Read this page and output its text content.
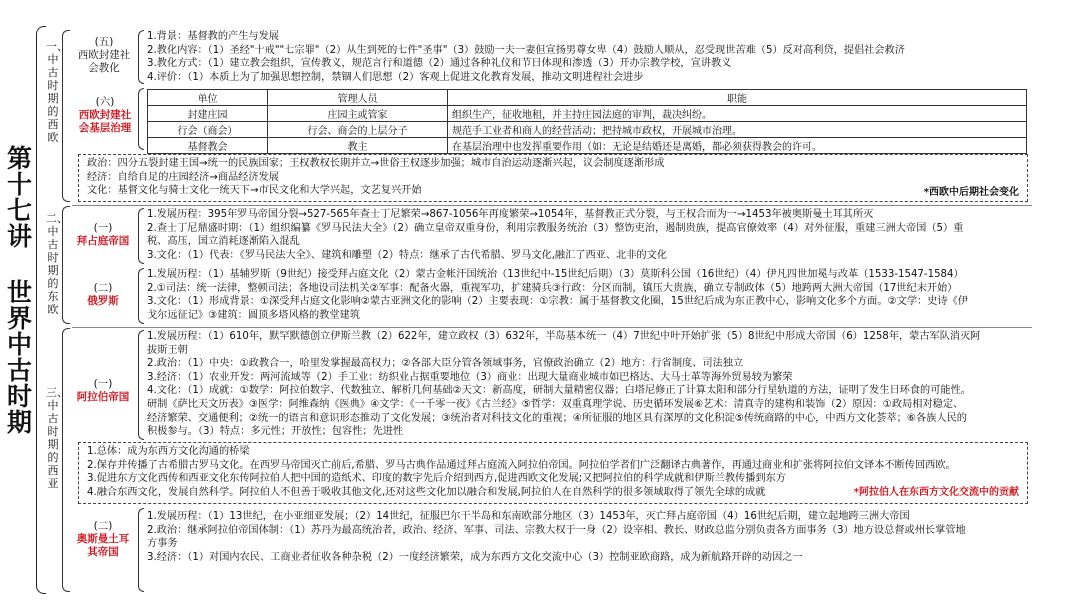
第十七讲 世界中古时期
一、中古时期的西欧
二、中古时期的东欧
三、中古时期的西亚
(五)
西欧封建社会教化
1.背景：基督教的产生与发展
2.教化内容：（1）圣经"十戒""七宗罪"（2）从生到死的七件"圣事"（3）鼓励一夫一妻但宣扬男尊女卑（4）鼓励人顺从，忍受现世苦难（5）反对高利贷，提倡社会救济
3.教化方式：（1）建立教会组织，宣传教义，规范言行和道德（2）通过各种礼仪和节日体现和渗透（3）开办宗教学校，宣讲教义
4.评价：（1）本质上为了加强思想控制，禁锢人们思想（2）客观上促进文化教育发展，推动文明进程社会进步
(六)
西欧封建社会基层治理
单位	管理人员	职能
封建庄园	庄园主或管家	组织生产，征收地租，并主持庄园法庭的审判，裁决纠纷。
行会（商会）	行会、商会的上层分子	规范手工业者和商人的经营活动；把持城市政权，开展城市治理。
基督教会	教主	在基层治理中也发挥重要作用（如：无论是结婚还是离婚，都必须获得教会的许可。
政治：四分五裂封建王国→统一的民族国家；王权教权长期并立→世俗王权逐步加强；城市自治运动逐渐兴起，议会制度逐渐形成
经济：自给自足的庄园经济→商品经济发展
文化：基督文化与骑士文化一统天下→市民文化和大学兴起，文艺复兴开始	*西欧中后期社会变化
(一)
拜占庭帝国
1.发展历程：395年罗马帝国分裂→527-565年查士丁尼繁荣→867-1056年再度繁荣→1054年，基督教正式分裂，与王权合而为一→1453年被奥斯曼土耳其所灭
2.查士丁尼鼎盛时期：（1）组织编纂《罗马民法大全》（2）确立皇帝双重身份，利用宗教服务统治（3）整饬吏治，遏制贵族，提高官僚效率（4）对外征服，重建三洲大帝国（5）重
税、高压，国立消耗逐渐陷入混乱
3.文化：（1）代表：《罗马民法大全》、建筑和雕塑（2）特点：继承了古代希腊、罗马文化,融汇了西亚、北非的文化
(二)
俄罗斯
1.发展历程：（1）基辅罗斯（9世纪）接受拜占庭文化（2）蒙古金帐汗国统治（13世纪中-15世纪后期）（3）莫斯科公国（16世纪）（4）伊凡四世加冕与改革（1533-1547-1584）
2.①司法：统一法律，整顿司法；各地设司法机关②军事：配备火器，重视军功，扩建骑兵③行政：分区而制，镇压大贵族，确立专制政体（5）地跨两大洲大帝国（17世纪末开始）
3.文化：（1）形成背景：①深受拜占庭文化影响②蒙古亚洲文化的影响（2）主要表现：①宗教：属于基督教文化圈，15世纪后成为东正教中心，影响文化多个方面。②文学：史诗《伊
戈尔远征记》③建筑：圆顶多塔风格的教堂建筑
(一)
阿拉伯帝国
1.发展历程：（1）610年，默罕默德创立伊斯兰教（2）622年，建立政权（3）632年，半岛基本统一（4）7世纪中叶开始扩张（5）8世纪中形成大帝国（6）1258年，蒙古军队消灭阿
拔斯王朝
2.政治：（1）中央：①政教合一，哈里发掌握最高权力；②各部大臣分管各领域事务，官僚政治确立（2）地方：行省制度、司法独立
3.经济：（1）农业开发：两河流域等（2）手工业：纺织业占据重要地位（3）商业：出现大量商业城市如巴格达、大马士革等海外贸易较为繁荣
4.文化：（1）成就：①数学：阿拉伯数字、代数独立、解析几何基础②天文：新高度，研制大量精密仪器；白塔尼修正了计算太阳和部分行星轨道的方法，证明了发生日环食的可能性。
研制《萨比天文历表》③医学：阿维森纳《医典》④文学：《一千零一夜》《古兰经》⑤哲学：双重真理学说、历史循环发展⑥艺术：清真寺的建构和装饰（2）原因：①政局相对稳定、
经济繁荣、交通便利；②统一的语言和意识形态推动了文化发展；③统治者对科技文化的重视；④所征服的地区具有深厚的文化积淀⑤传统商路的中心，中西方文化荟萃；⑥各族人民的
积极参与。（3）特点：多元性；开放性；包容性；先进性
1.总体：成为东西方文化沟通的桥梁
2.保存并传播了古希腊古罗马文化。在西罗马帝国灭亡前后,希腊、罗马古典作品通过拜占庭流入阿拉伯帝国。阿拉伯学者们广泛翻译古典著作，再通过商业和扩张将阿拉伯文译本不断传回西欧。
3.促进东方文化西传和西亚文化东传阿拉伯人把中国的造纸术、印度的数字先后介绍到西方,促进西欧文化发展;又把阿拉伯的科学成就和伊斯兰教传播到东方
4.融合东西文化，发展自然科学。阿拉伯人不但善于吸收其他文化,还对这些文化加以融合和发展,阿拉伯人在自然科学的很多领域取得了领先全球的成就	*阿拉伯人在东西方文化交流中的贡献
(二)
奥斯曼土耳其帝国
1.发展历程：（1）13世纪，在小亚细亚发展；（2）14世纪，征服巴尔干半岛和东南欧部分地区（3）1453年，灭亡拜占庭帝国（4）16世纪后期，建立起地跨三洲大帝国
2.政治：继承阿拉伯帝国体制：（1）苏丹为最高统治者，政治、经济、军事、司法、宗教大权于一身（2）设宰相、教长、财政总监分别负责各方面事务（3）地方设总督或州长掌管地
方事务
3.经济：（1）对国内农民、工商业者征收各种杂税（2）一度经济繁荣，成为东西方文化交流中心（3）控制亚欧商路，成为新航路开辟的动因之一
